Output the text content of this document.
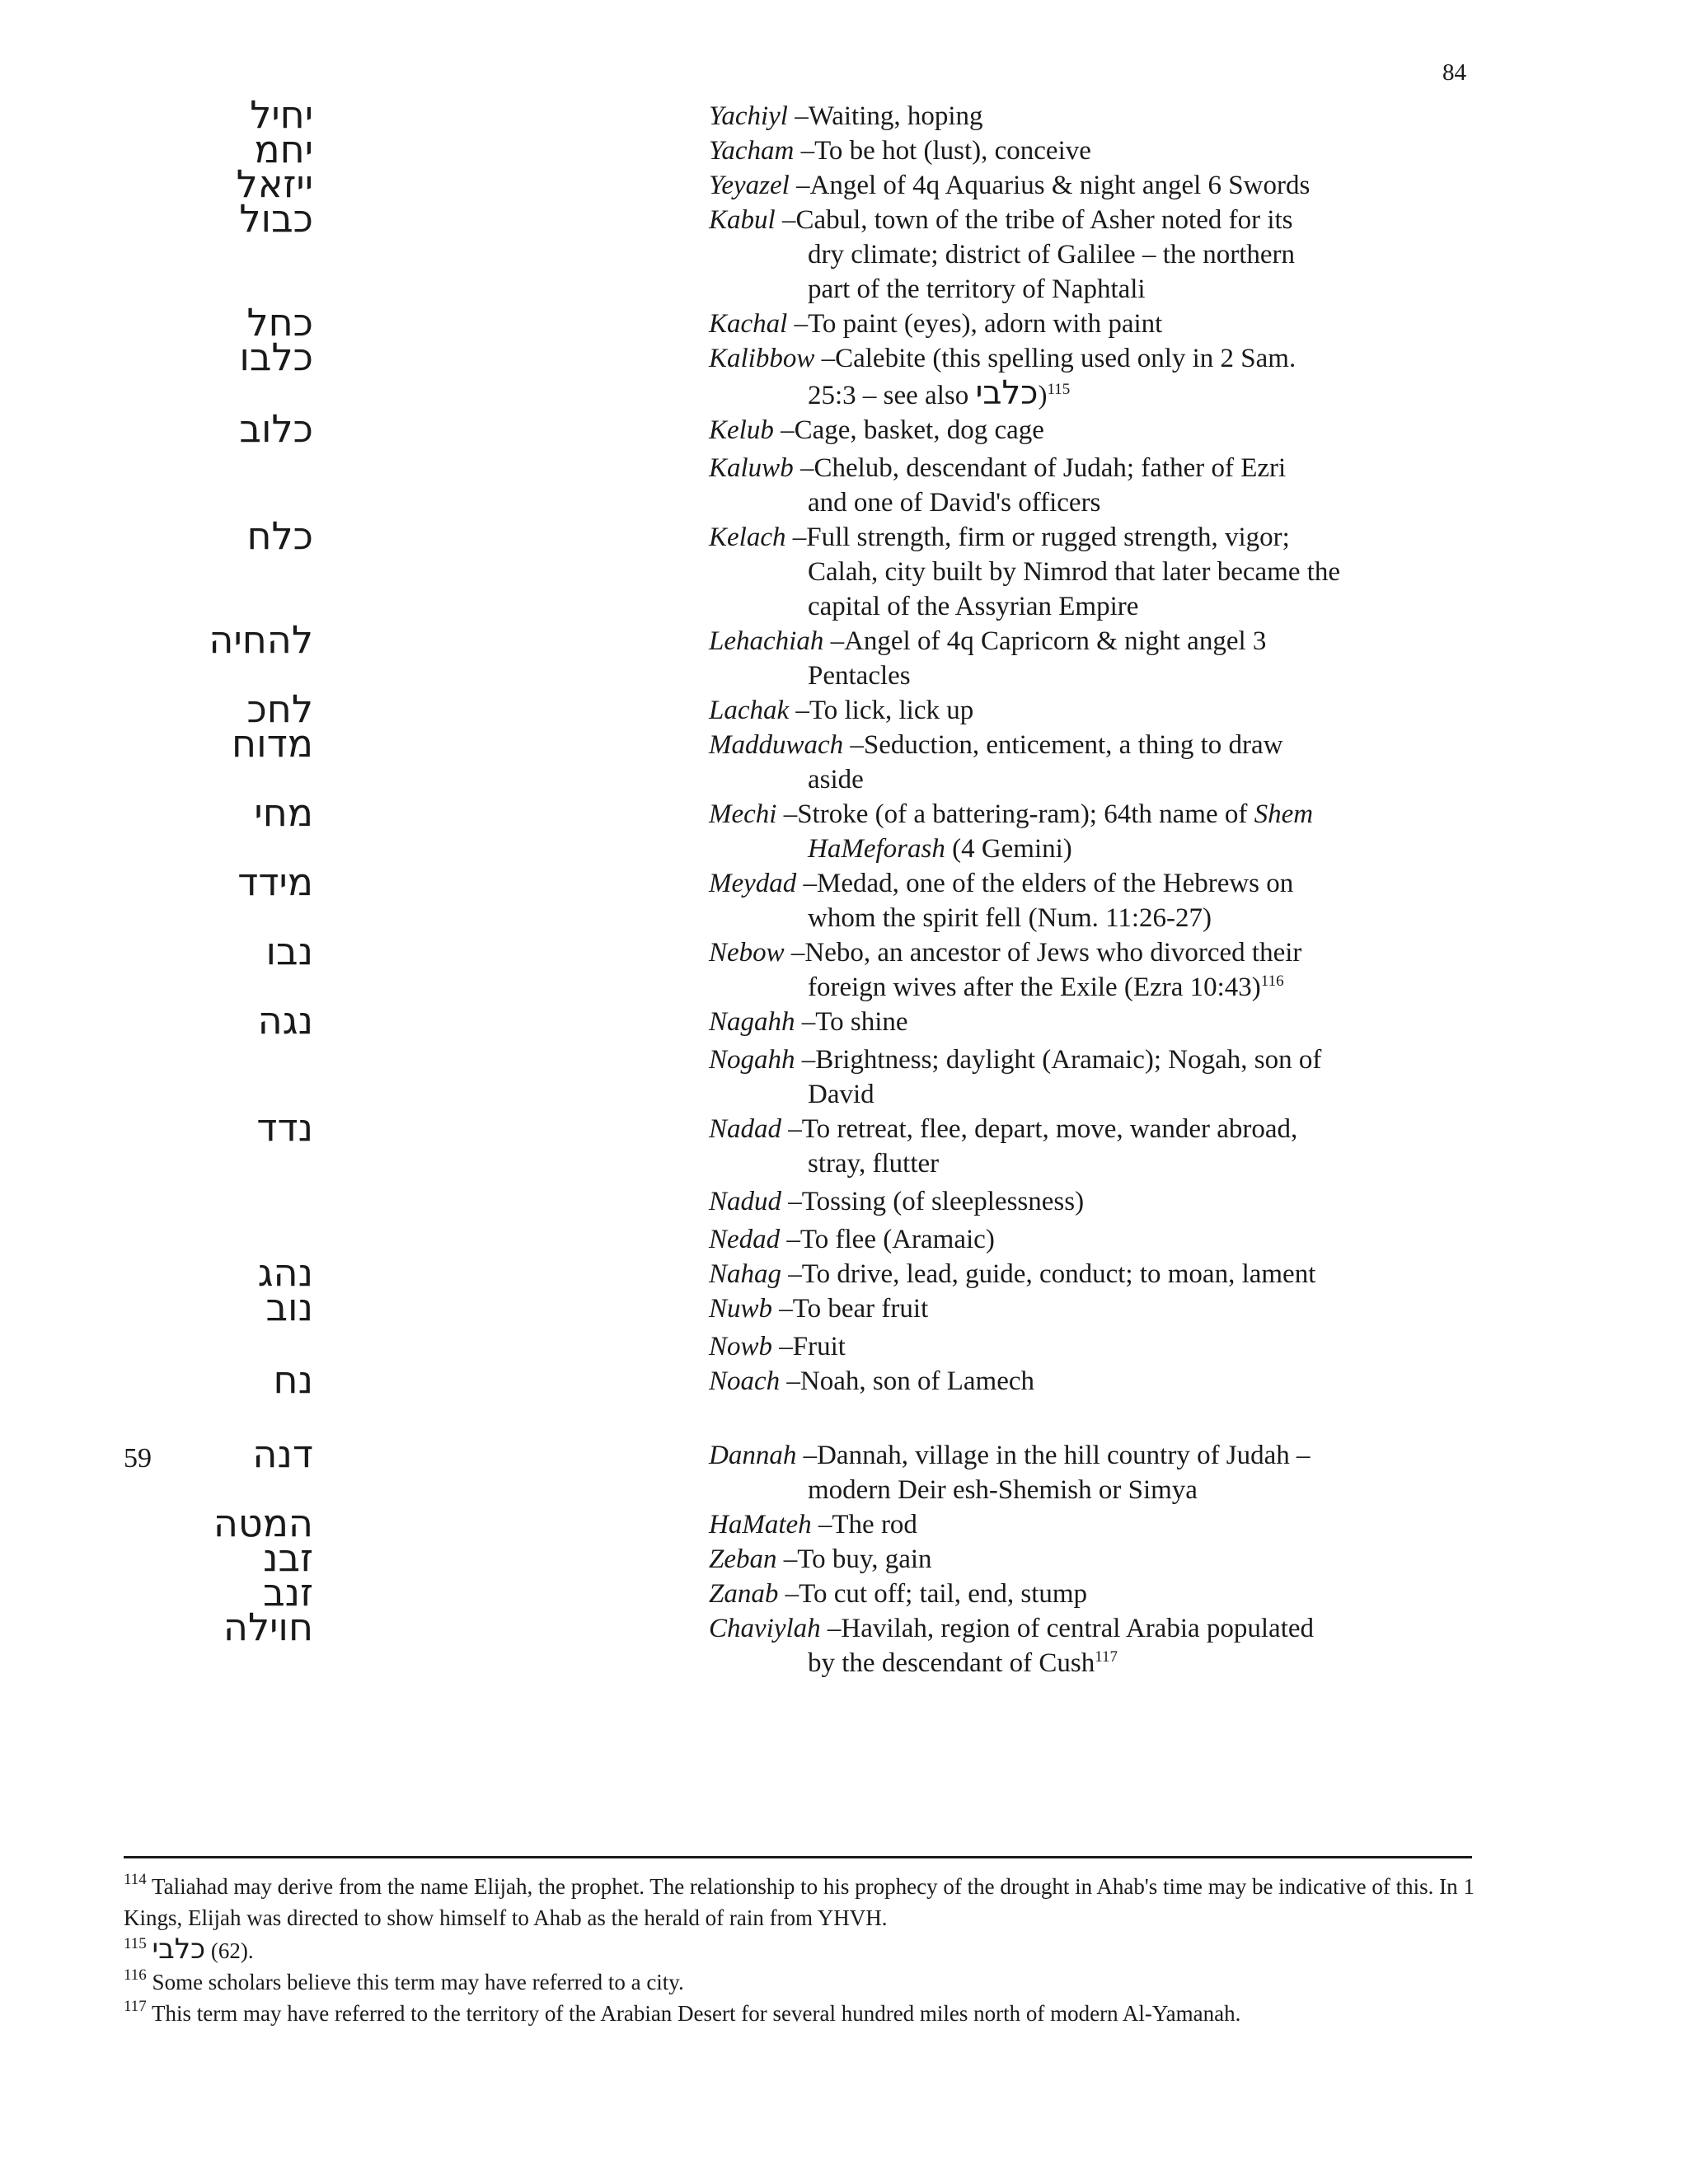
84
יחיל	Yachiyl –Waiting, hoping

יחמ	Yacham –To be hot (lust), conceive

ייזאל	Yeyazel –Angel of 4q Aquarius & night angel 6 Swords

כבול	Kabul –Cabul, town of the tribe of Asher noted for its
dry climate; district of Galilee – the northern
part of the territory of Naphtali

כחל	Kachal –To paint (eyes), adorn with paint

כלבו	Kalibbow –Calebite (this spelling used only in 2 Sam.
25:3 – see also כלבי)$^{115}$

כלוב	Kelub –Cage, basket, dog cage

Kaluwb –Chelub, descendant of Judah; father of Ezri
and one of David's officers

כלח	Kelach –Full strength, firm or rugged strength, vigor;
Calah, city built by Nimrod that later became the
capital of the Assyrian Empire

להחיה	Lehachiah –Angel of 4q Capricorn & night angel 3
Pentacles

לחכ	Lachak –To lick, lick up

מדוח	Madduwach –Seduction, enticement, a thing to draw
aside

מחי	Mechi –Stroke (of a battering-ram); 64th name of Shem
HaMeforash (4 Gemini)

מידד	Meydad –Medad, one of the elders of the Hebrews on
whom the spirit fell (Num. 11:26-27)

נבו	Nebow –Nebo, an ancestor of Jews who divorced their
foreign wives after the Exile (Ezra 10:43)$^{116}$

נגה	Nagahh –To shine

Nogahh –Brightness; daylight (Aramaic); Nogah, son of
David

נדד	Nadad –To retreat, flee, depart, move, wander abroad,
stray, flutter

Nadud –Tossing (of sleeplessness)

Nedad –To flee (Aramaic)

נהג	Nahag –To drive, lead, guide, conduct; to moan, lament

נוב	Nuwb –To bear fruit

Nowb –Fruit

נח	Noach –Noah, son of Lamech

59	דנה	Dannah –Dannah, village in the hill country of Judah –
modern Deir esh-Shemish or Simya

המטה	HaMateh –The rod

זבנ	Zeban –To buy, gain

זנב	Zanab –To cut off; tail, end, stump

חוילה	Chaviylah –Havilah, region of central Arabia populated
by the descendant of Cush$^{117}$

$^{114}$ Taliahad may derive from the name Elijah, the prophet. The relationship to his prophecy of the drought in Ahab's time may be indicative of this. In 1 Kings, Elijah was directed to show himself to Ahab as the herald of rain from YHVH.

$^{115}$ כלבי (62).

$^{116}$ Some scholars believe this term may have referred to a city.

$^{117}$ This term may have referred to the territory of the Arabian Desert for several hundred miles north of modern Al-Yamanah.
